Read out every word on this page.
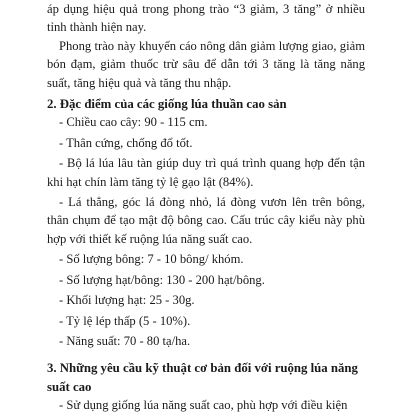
áp dụng hiệu quả trong phong trào “3 giảm, 3 tăng” ở nhiều tỉnh thành hiện nay.

Phong trào này khuyến cáo nông dân giảm lượng giao, giảm bón đạm, giảm thuốc trừ sâu để dẫn tới 3 tăng là tăng năng suất, tăng hiệu quả và tăng thu nhập.

2. Đặc điểm của các giống lúa thuần cao sản

- Chiều cao cây: 90 - 115 cm.

- Thân cứng, chống đổ tốt.

- Bộ lá lúa lâu tàn giúp duy trì quá trình quang hợp đến tận khi hạt chín làm tăng tỷ lệ gạo lật (84%).

- Lá thẳng, góc lá đòng nhỏ, lá đòng vươn lên trên bông, thân chụm để tạo mật độ bông cao. Cấu trúc cây kiểu này phù hợp với thiết kế ruộng lúa năng suất cao.

- Số lượng bông: 7 - 10 bông/ khóm.

- Số lượng hạt/bông: 130 - 200 hạt/bông.

- Khối lượng hạt: 25 - 30g.

- Tỷ lệ lép thấp (5 - 10%).

- Năng suất: 70 - 80 tạ/ha.

3. Những yêu cầu kỹ thuật cơ bản đối với ruộng lúa năng suất cao

- Sử dụng giống lúa năng suất cao, phù hợp với điều kiện
